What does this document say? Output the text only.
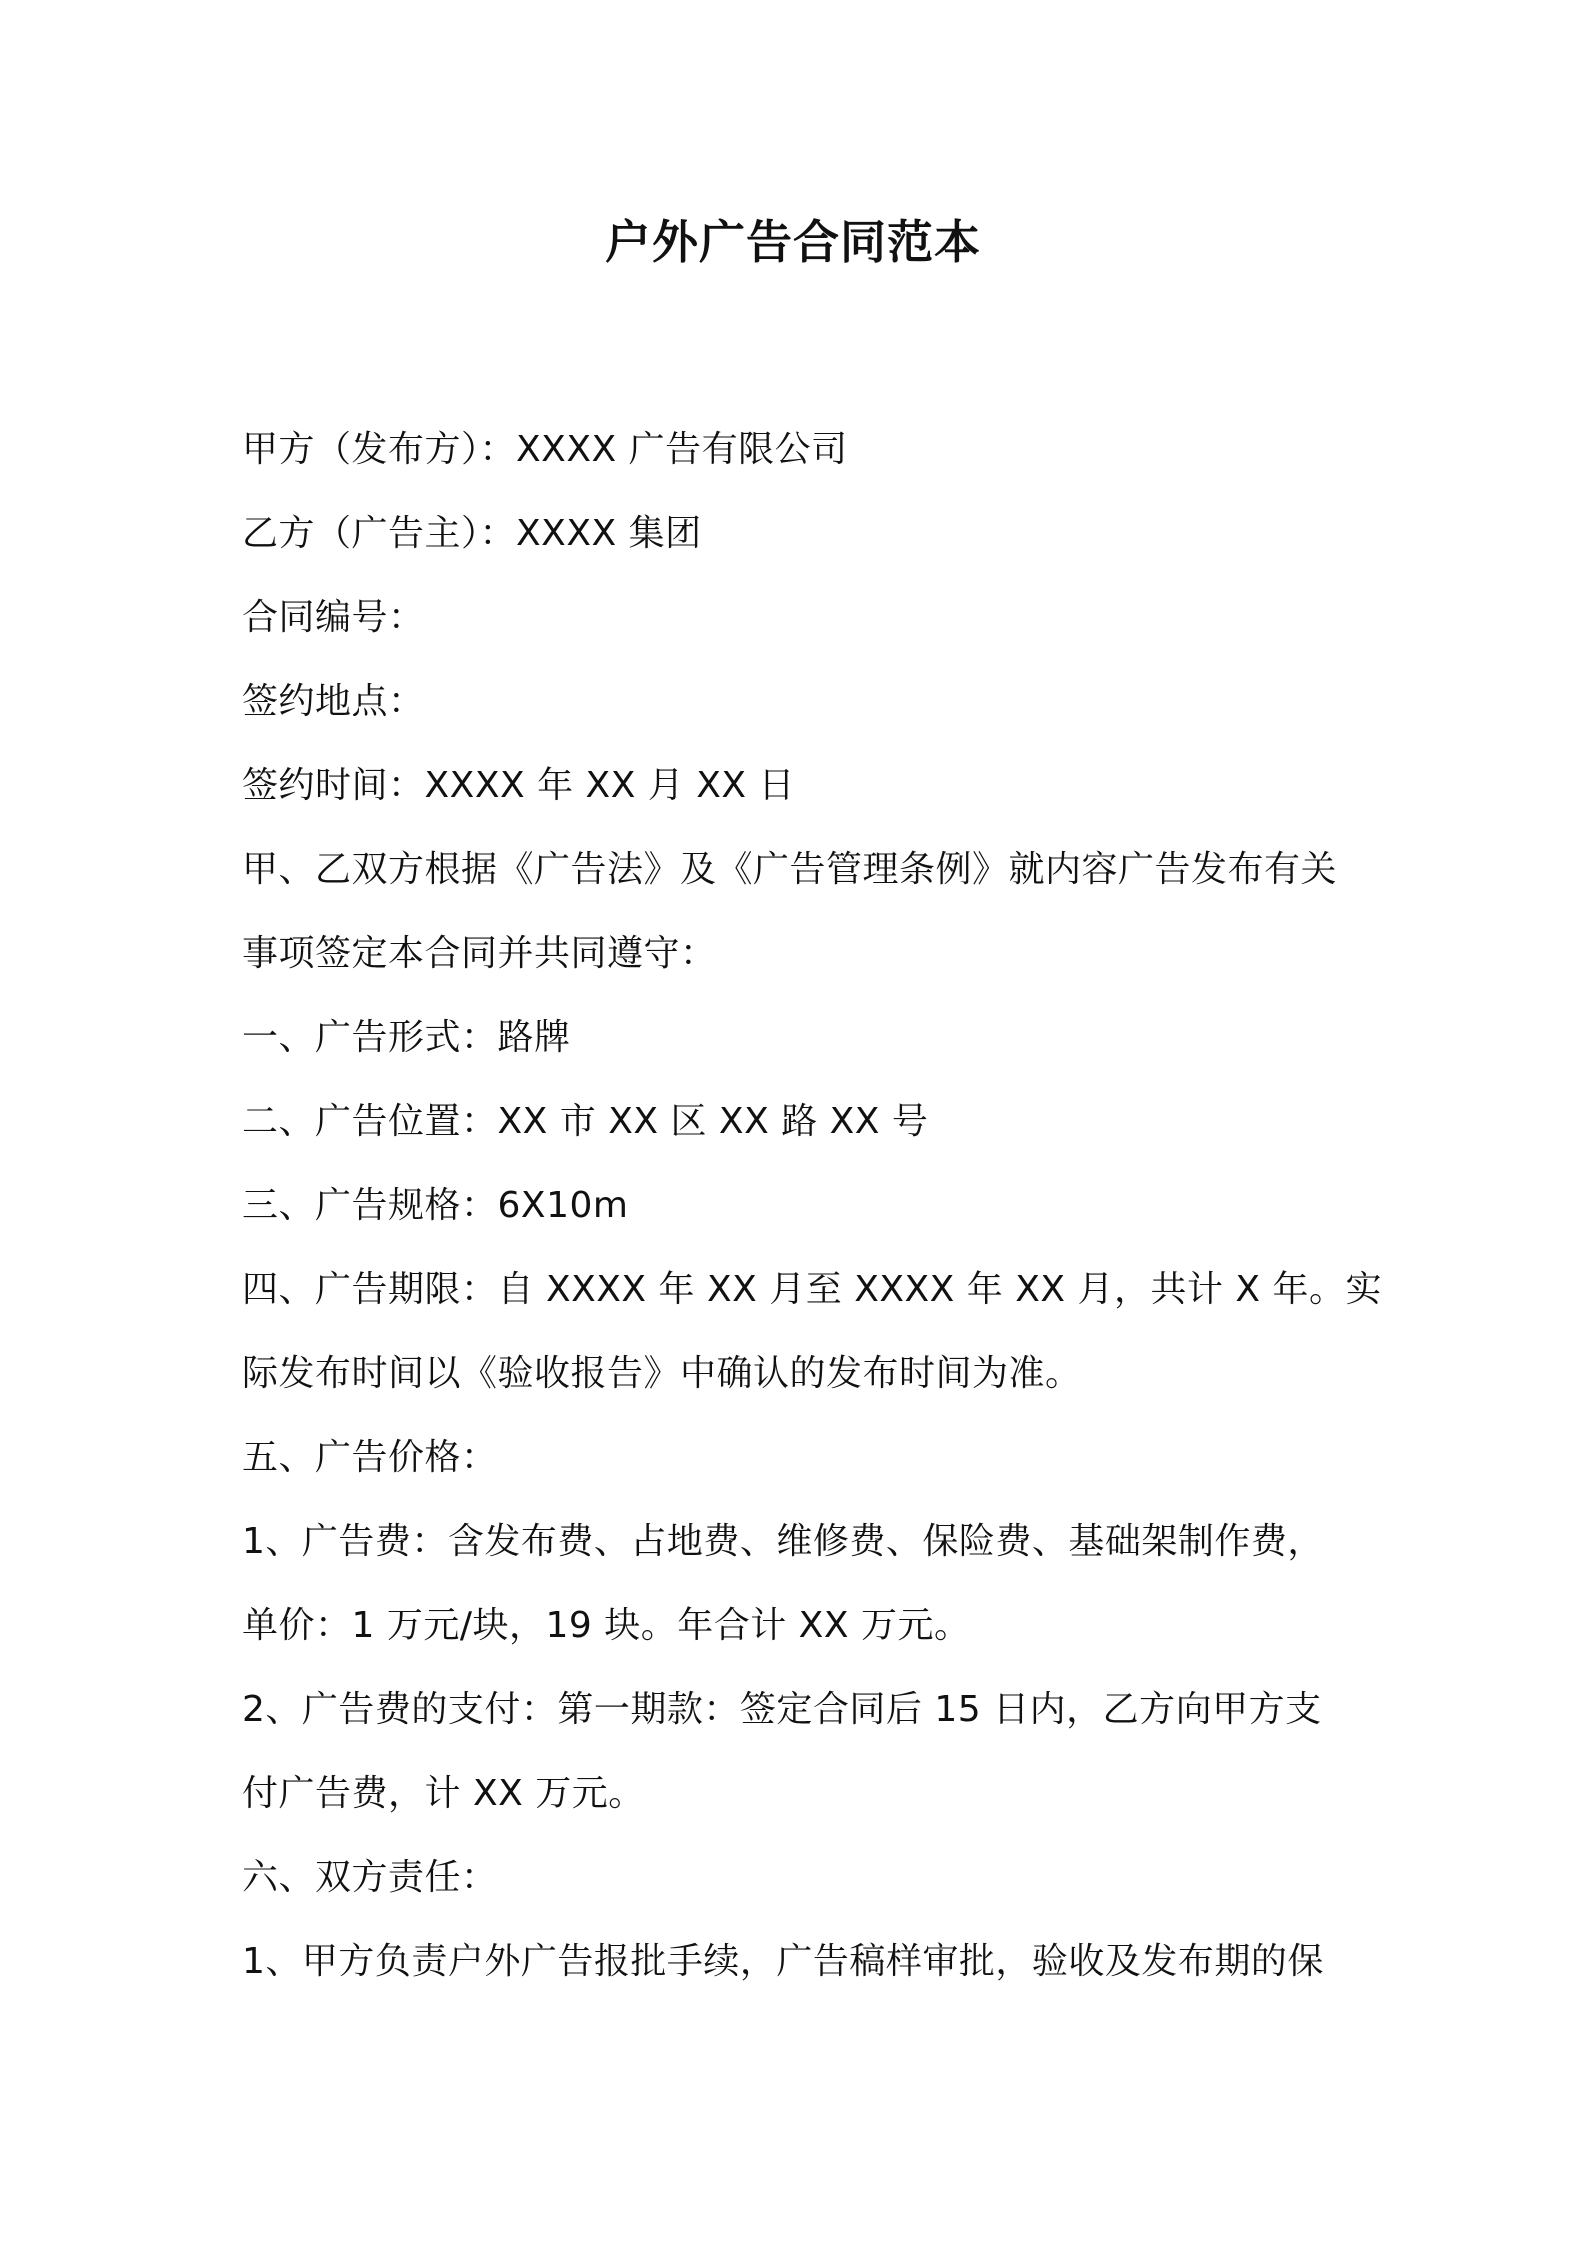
户外广告合同范本
甲方（发布方）：XXXX 广告有限公司
乙方（广告主）：XXXX 集团
合同编号：
签约地点：
签约时间：XXXX 年 XX 月 XX 日
甲、乙双方根据《广告法》及《广告管理条例》就内容广告发布有关
事项签定本合同并共同遵守：
一、广告形式：路牌
二、广告位置：XX 市 XX 区 XX 路 XX 号
三、广告规格：6X10m
四、广告期限：自 XXXX 年 XX 月至 XXXX 年 XX 月，共计 X 年。实
际发布时间以《验收报告》中确认的发布时间为准。
五、广告价格：
1、广告费：含发布费、占地费、维修费、保险费、基础架制作费，
单价：1 万元/块，19 块。年合计 XX 万元。
2、广告费的支付：第一期款：签定合同后 15 日内，乙方向甲方支
付广告费，计 XX 万元。
六、双方责任：
1、甲方负责户外广告报批手续，广告稿样审批，验收及发布期的保
